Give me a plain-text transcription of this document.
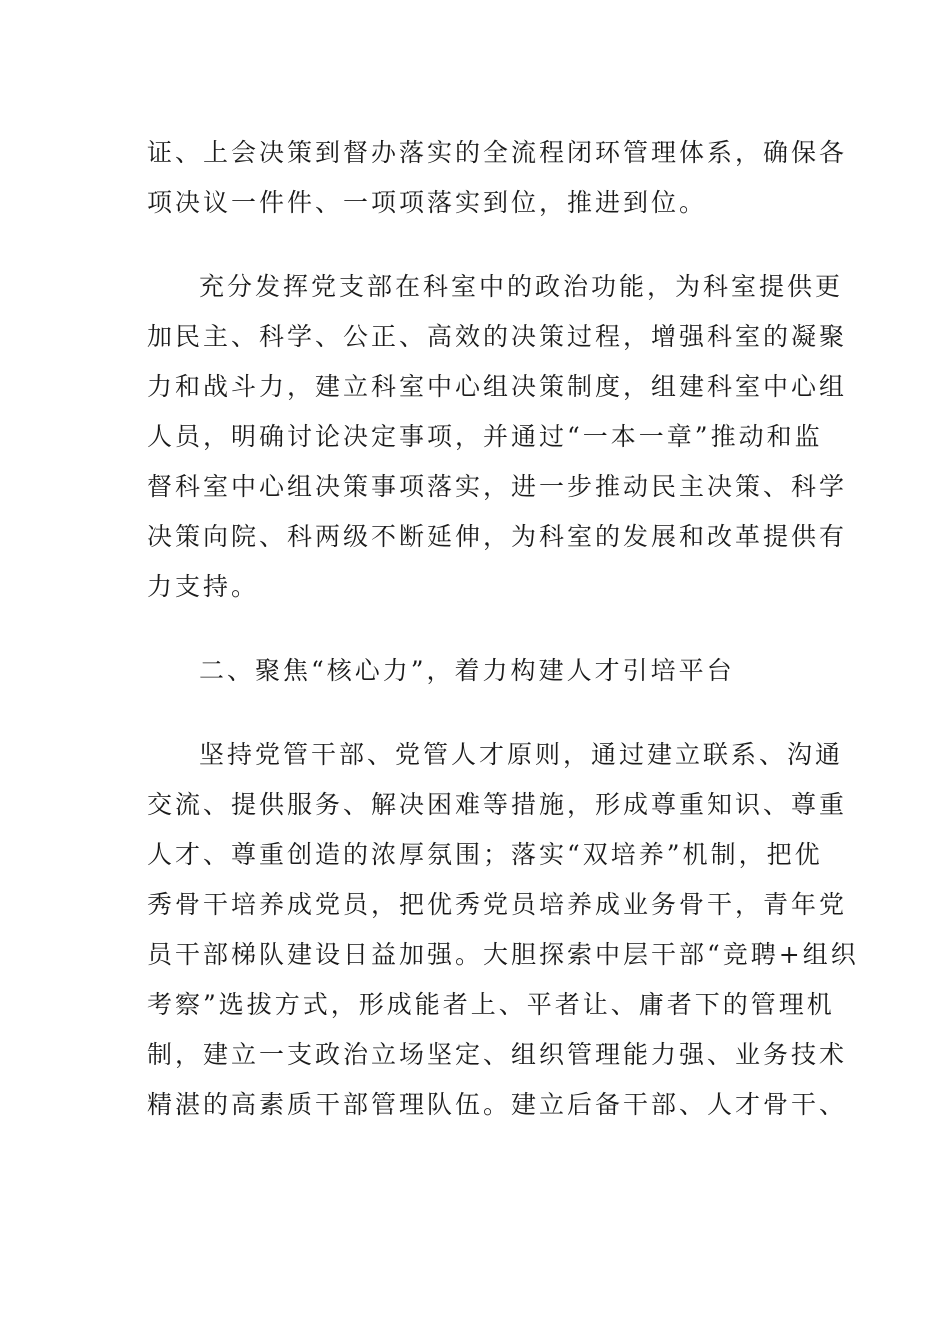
证、上会决策到督办落实的全流程闭环管理体系，确保各
项决议一件件、一项项落实到位，推进到位。
充分发挥党支部在科室中的政治功能，为科室提供更
加民主、科学、公正、高效的决策过程，增强科室的凝聚
力和战斗力，建立科室中心组决策制度，组建科室中心组
人员，明确讨论决定事项，并通过“一本一章”推动和监
督科室中心组决策事项落实，进一步推动民主决策、科学
决策向院、科两级不断延伸，为科室的发展和改革提供有
力支持。
二、聚焦“核心力”，着力构建人才引培平台
坚持党管干部、党管人才原则，通过建立联系、沟通
交流、提供服务、解决困难等措施，形成尊重知识、尊重
人才、尊重创造的浓厚氛围；落实“双培养”机制，把优
秀骨干培养成党员，把优秀党员培养成业务骨干，青年党
员干部梯队建设日益加强。大胆探索中层干部“竞聘+组织
考察”选拔方式，形成能者上、平者让、庸者下的管理机
制，建立一支政治立场坚定、组织管理能力强、业务技术
精湛的高素质干部管理队伍。建立后备干部、人才骨干、
